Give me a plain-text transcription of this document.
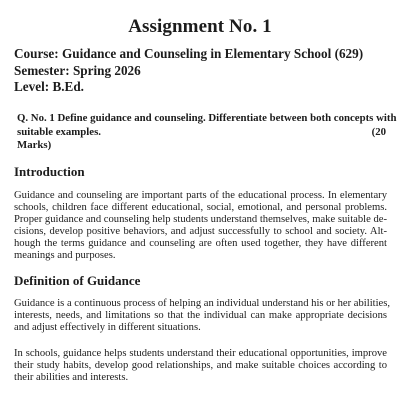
Assignment No. 1
Course: Guidance and Counseling in Elementary School (629)
Semester: Spring 2026
Level: B.Ed.
Q. No. 1 Define guidance and counseling. Differentiate between both concepts with
suitable examples.	(20
Marks)
Introduction
Guidance and counseling are important parts of the educational process. In elementary
schools, children face different educational, social, emotional, and personal problems.
Proper guidance and counseling help students understand themselves, make suitable de-
cisions, develop positive behaviors, and adjust successfully to school and society. Alt-
hough the terms guidance and counseling are often used together, they have different
meanings and purposes.
Definition of Guidance
Guidance is a continuous process of helping an individual understand his or her abilities,
interests, needs, and limitations so that the individual can make appropriate decisions
and adjust effectively in different situations.
In schools, guidance helps students understand their educational opportunities, improve
their study habits, develop good relationships, and make suitable choices according to
their abilities and interests.
